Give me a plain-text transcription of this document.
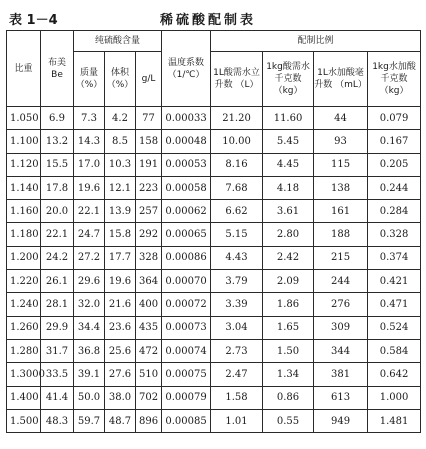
表 1－4	稀硫酸配制表
比重	布美 Be	纯硫酸含量			温度系数 （1/℃）	配制比例			
		质量 （%）	体积 （%）	g/L		1L酸需水立升数 （L）	1kg酸需水千克数 （kg）	1L水加酸毫升数 （mL）	1kg水加酸千克数 （kg）
1.050	6.9	7.3	4.2	77	0.00033	21.20	11.60	44	0.079
1.100	13.2	14.3	8.5	158	0.00048	10.00	5.45	93	0.167
1.120	15.5	17.0	10.3	191	0.00053	8.16	4.45	115	0.205
1.140	17.8	19.6	12.1	223	0.00058	7.68	4.18	138	0.244
1.160	20.0	22.1	13.9	257	0.00062	6.62	3.61	161	0.284
1.180	22.1	24.7	15.8	292	0.00065	5.15	2.80	188	0.328
1.200	24.2	27.2	17.7	328	0.00086	4.43	2.42	215	0.374
1.220	26.1	29.6	19.6	364	0.00070	3.79	2.09	244	0.421
1.240	28.1	32.0	21.6	400	0.00072	3.39	1.86	276	0.471
1.260	29.9	34.4	23.6	435	0.00073	3.04	1.65	309	0.524
1.280	31.7	36.8	25.6	472	0.00074	2.73	1.50	344	0.584
1.3000	33.5	39.1	27.6	510	0.00075	2.47	1.34	381	0.642
1.400	41.4	50.0	38.0	702	0.00079	1.58	0.86	613	1.000
1.500	48.3	59.7	48.7	896	0.00085	1.01	0.55	949	1.481
